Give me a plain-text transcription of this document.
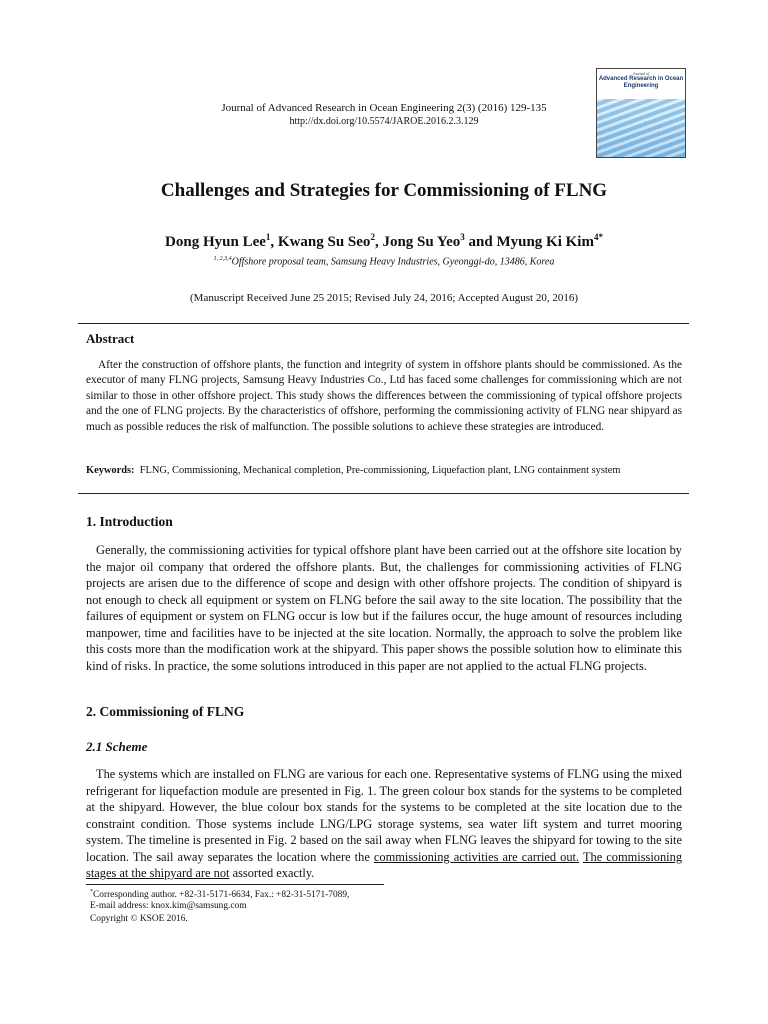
Journal of
Advanced Research in Ocean Engineering
Journal of Advanced Research in Ocean Engineering 2(3) (2016) 129-135
http://dx.doi.org/10.5574/JAROE.2016.2.3.129
Challenges and Strategies for Commissioning of FLNG
Dong Hyun Lee$^1$, Kwang Su Seo$^2$, Jong Su Yeo$^3$ and Myung Ki Kim$^{4*}$
$^{1, 2,3,4}$Offshore proposal team, Samsung Heavy Industries, Gyeonggi-do, 13486, Korea
(Manuscript Received June 25 2015; Revised July 24, 2016; Accepted August 20, 2016)
Abstract
After the construction of offshore plants, the function and integrity of system in offshore plants should be commissioned. As the executor of many FLNG projects, Samsung Heavy Industries Co., Ltd has faced some challenges for commissioning which are not similar to those in other offshore project. This study shows the differences between the commissioning of typical offshore projects and the one of FLNG projects. By the characteristics of offshore, performing the commissioning activity of FLNG near shipyard as much as possible reduces the risk of malfunction. The possible solutions to achieve these strategies are introduced.
Keywords: FLNG, Commissioning, Mechanical completion, Pre-commissioning, Liquefaction plant, LNG containment system
1. Introduction
Generally, the commissioning activities for typical offshore plant have been carried out at the offshore site location by the major oil company that ordered the offshore plants. But, the challenges for commissioning activities of FLNG projects are arisen due to the difference of scope and design with other offshore projects. The condition of shipyard is not enough to check all equipment or system on FLNG before the sail away to the site location. The possibility that the failures of equipment or system on FLNG occur is low but if the failures occur, the huge amount of resources including manpower, time and facilities have to be injected at the site location. Normally, the approach to solve the problem like this costs more than the modification work at the shipyard. This paper shows the possible solution how to eliminate this kind of risks. In practice, the some solutions introduced in this paper are not applied to the actual FLNG projects.
2. Commissioning of FLNG
2.1 Scheme
The systems which are installed on FLNG are various for each one. Representative systems of FLNG using the mixed refrigerant for liquefaction module are presented in Fig. 1. The green colour box stands for the systems to be completed at the shipyard. However, the blue colour box stands for the systems to be completed at the site location due to the constraint condition. Those systems include LNG/LPG storage systems, sea water lift system and turret mooring system. The timeline is presented in Fig. 2 based on the sail away when FLNG leaves the shipyard for towing to the site location. The sail away separates the location where the commissioning activities are carried out. The commissioning stages at the shipyard are not assorted exactly.
*Corresponding author. +82-31-5171-6634, Fax.: +82-31-5171-7089,
E-mail address: knox.kim@samsung.com
Copyright © KSOE 2016.
